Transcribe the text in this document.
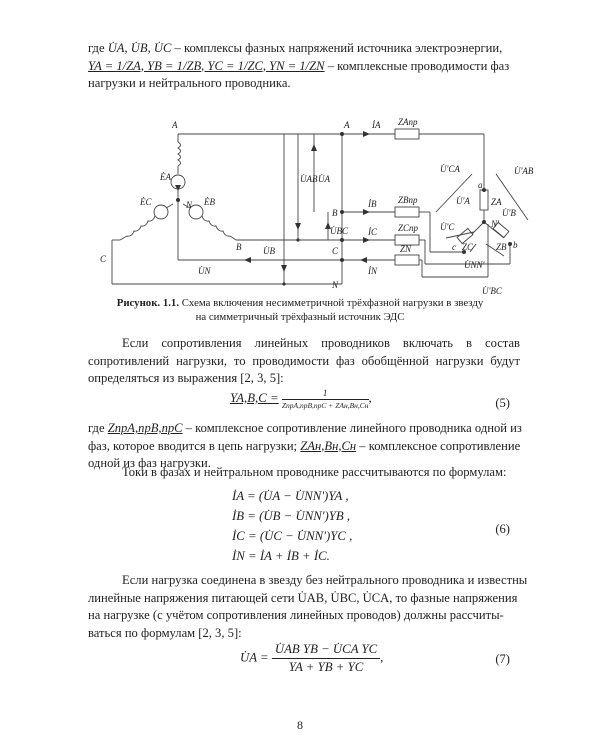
где U̇A, U̇B, U̇C – комплексы фазных напряжений источника электроэнергии,
YA = 1/ZA, YB = 1/ZB, YC = 1/ZC, YN = 1/ZN – комплексные проводимости фаз
нагрузки и нейтрального проводника.
A
B
C
N
ĖA
ĖB
ĖC
U̇A
U̇B
U̇AB
U̇BC
U̇N
A
B
C
N
İA
İB
İC
İN
ZAпр
ZBпр
ZCпр
ZN
ZA
ZB
ZC
a
b
c
N'
U̇'A
U̇'B
U̇'C
U̇'AB
U̇'CA
U̇'BC
U̇NN'
Рисунок. 1.1. Схема включения несимметричной трёхфазной нагрузки в звезду
на симметричный трёхфазный источник ЭДС

Если сопротивления линейных проводников включать в состав сопротивлений нагрузки, то проводимости фаз обобщённой нагрузки будут определяться из выражения [2, 3, 5]:

$YA,B,C = \frac{1}{\text{ZпрA,прB,прC + ZAн,Bн,Cн}}$ ,	(5)
где ZпрA,прB,прC – комплексное сопротивление линейного проводника одной из
фаз, которое вводится в цепь нагрузки; ZAн,Bн,Cн – комплексное сопротивление
одной из фаз нагрузки.

Токи в фазах и нейтральном проводнике рассчитываются по формулам:

İA = (U̇A − U̇NN')YA ,
İB = (U̇B − U̇NN')YB ,
İC = (U̇C − U̇NN')YC ,
İN = İA + İB + İC.
(6)
Если нагрузка соединена в звезду без нейтрального проводника и известны
линейные напряжения питающей сети U̇AB, U̇BC, U̇CA, то фазные напряжения
на нагрузке (с учётом сопротивления линейных проводов) должны рассчиты-
ваться по формулам [2, 3, 5]:
U̇A = $\frac{\text{U̇AB YB − U̇CA YC}}{YA + YB + YC}$ ,	(7)
8
